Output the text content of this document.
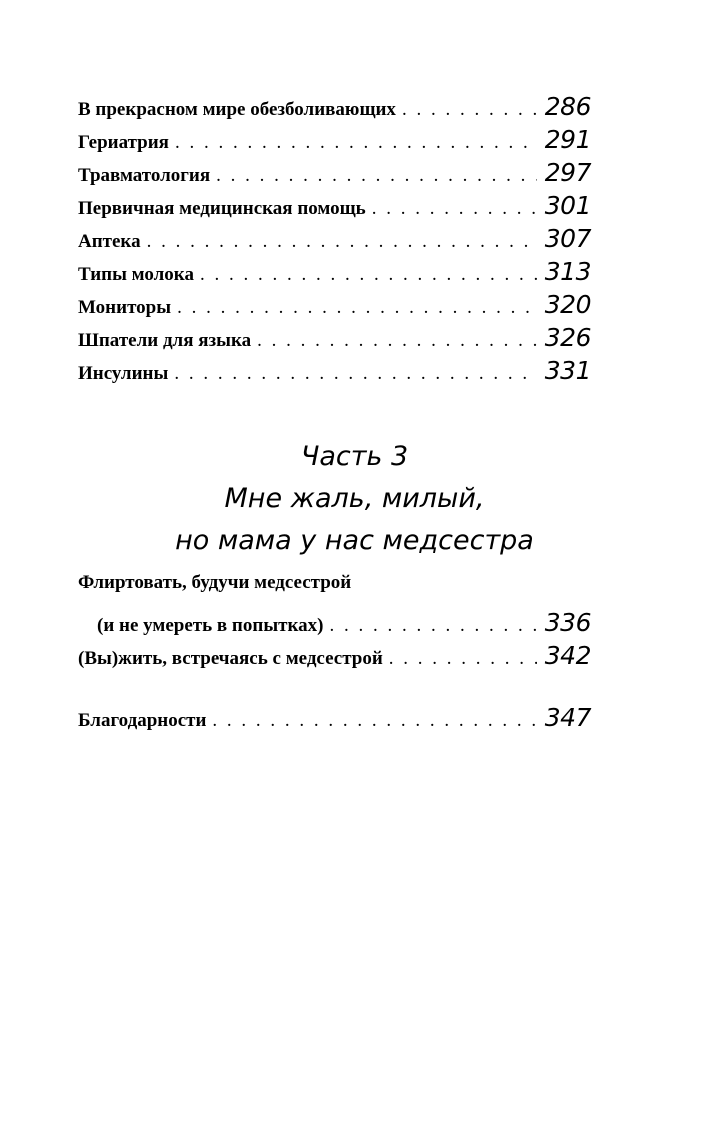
В прекрасном мире обезболивающих . . .	286
Гериатрия . . .	291
Травматология . . .	297
Первичная медицинская помощь . . .	301
Аптека . . .	307
Типы молока . . .	313
Мониторы . . .	320
Шпатели для языка . . .	326
Инсулины . . .	331
Часть 3
Мне жаль, милый,
но мама у нас медсестра
Флиртовать, будучи медсестрой
(и не умереть в попытках) . . .	336
(Вы)жить, встречаясь с медсестрой . . .	342
Благодарности . . .	347
